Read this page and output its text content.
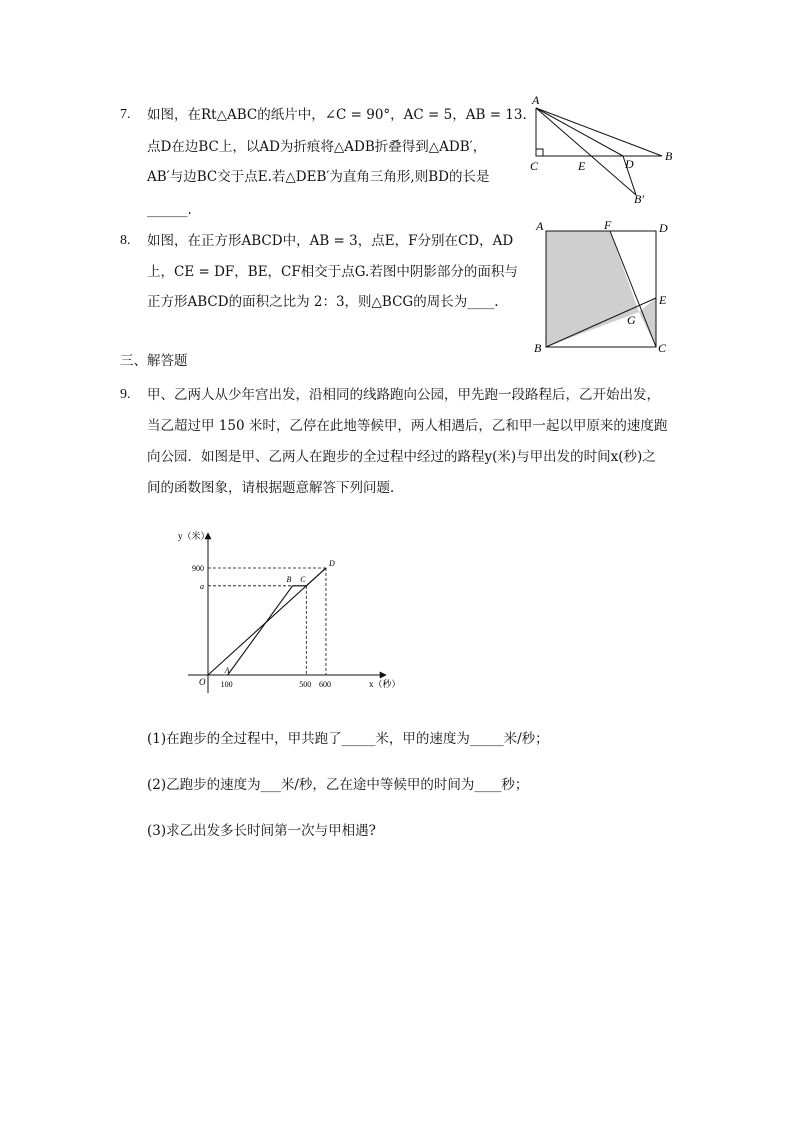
7. 如图，在Rt△ABC的纸片中，∠C = 90°，AC = 5，AB = 13.
点D在边BC上，以AD为折痕将△ADB折叠得到△ADB′，
AB′与边BC交于点E.若△DEB′为直角三角形,则BD的长是
______.
A
B
C	E	D
B′
8. 如图，在正方形ABCD中，AB = 3，点E，F分别在CD，AD
上，CE = DF，BE，CF相交于点G.若图中阴影部分的面积与
正方形ABCD的面积之比为 2：3，则△BCG的周长为____.
A	F	D
E
G
B	C
三、解答题
9. 甲、乙两人从少年宫出发，沿相同的线路跑向公园，甲先跑一段路程后，乙开始出发，
当乙超过甲 150 米时，乙停在此地等候甲，两人相遇后，乙和甲一起以甲原来的速度跑
向公园．如图是甲、乙两人在跑步的全过程中经过的路程y(米)与甲出发的时间x(秒)之
间的函数图象，请根据题意解答下列问题．
y（米）
x（秒）
O 100	500 600
900
a
A
B C
D
(1)在跑步的全过程中，甲共跑了_____米，甲的速度为_____米/秒；
(2)乙跑步的速度为___米/秒，乙在途中等候甲的时间为____秒；
(3)求乙出发多长时间第一次与甲相遇?
